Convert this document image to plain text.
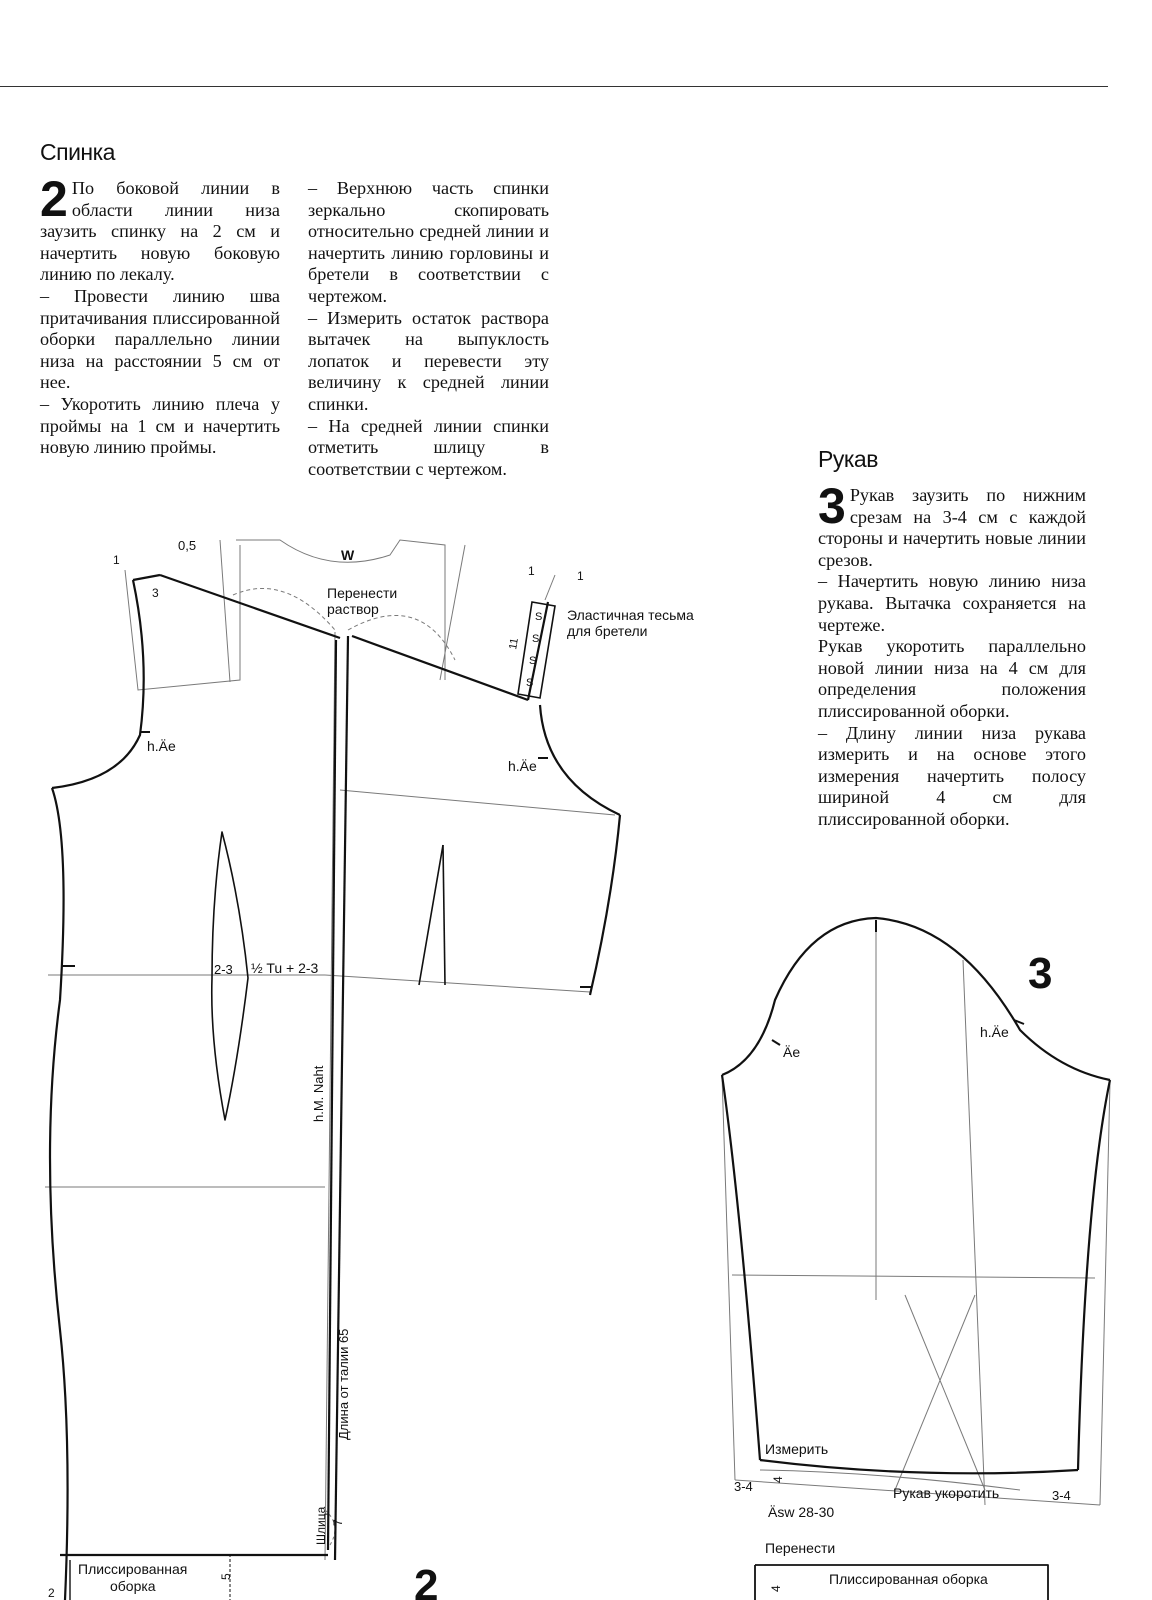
Спинка
2 По боковой линии в области линии низа заузить спинку на 2 см и начертить новую боковую линию по лекалу.

– Провести линию шва притачивания плиссированной оборки параллельно линии низа на расстоянии 5 см от нее.

– Укоротить линию плеча у проймы на 1 см и начертить новую линию проймы.

– Верхнюю часть спинки зеркально скопировать относительно средней линии и начертить линию горловины и бретели в соответствии с чертежом.

– Измерить остаток раствора вытачек на выпуклость лопаток и перевести эту величину к средней линии спинки.

– На средней линии спинки отметить шлицу в соответствии с чертежом.	Рукав
3 Рукав заузить по нижним срезам на 3-4 см с каждой стороны и начертить новые линии срезов.

– Начертить новую линию низа рукава. Вытачка сохраняется на чертеже.

Рукав укоротить параллельно новой линии низа на 4 см для определения положения плиссированной оборки.

– Длину линии низа рукава измерить и на основе этого измерения начертить полосу шириной 4 см для плиссированной оборки.

1
0,5
3
W
Перенести
раствор
1	1
11
S
S
S
S
Эластичная тесьма
для бретели
h.Äe
h.Äe
2-3 ½ Tu + 2-3
h.M. Naht
Длина от талии 65
Шлица 7
Плиссированная
оборка
5
2	2
Äe
h.Äe
Измерить
Рукав укоротить
3-4
3-4
4
Äsw 28-30
Перенести
Плиссированная оборка
4
3
